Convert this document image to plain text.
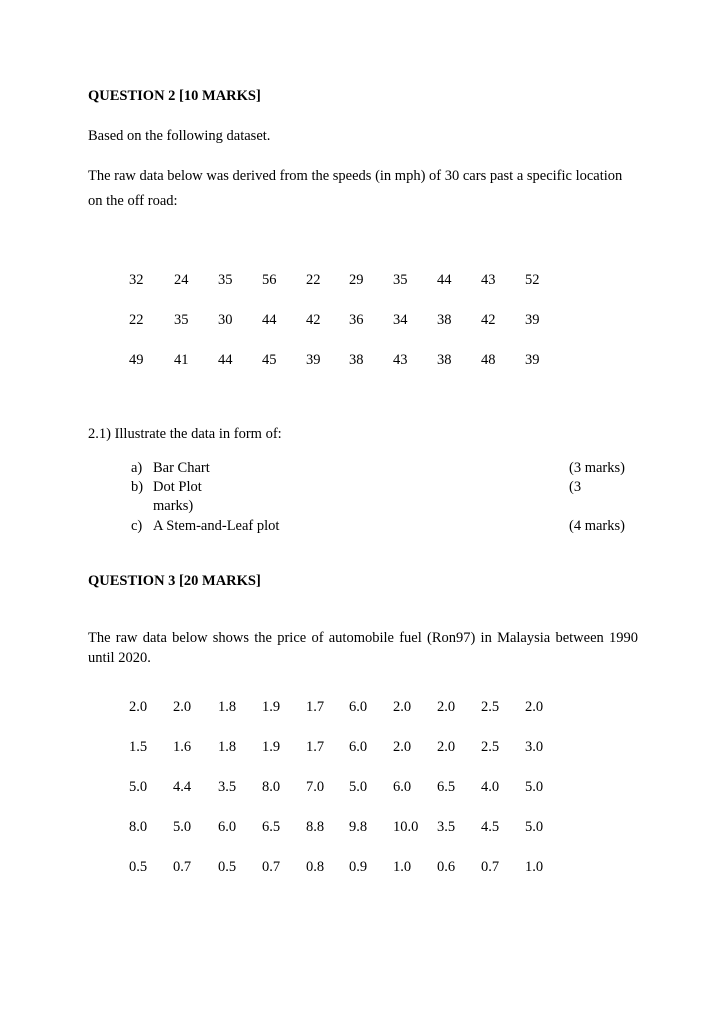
QUESTION 2 [10 MARKS]
Based on the following dataset.
The raw data below was derived from the speeds (in mph) of 30 cars past a specific location on the off road:
32 24 35 56 22 29 35 44 43 52
22 35 30 44 42 36 34 38 42 39
49 41 44 45 39 38 43 38 48 39
2.1) Illustrate the data in form of:
a) Bar Chart	(3 marks)
b) Dot Plot	(3
marks)
c) A Stem-and-Leaf plot	(4 marks)
QUESTION 3 [20 MARKS]
The raw data below shows the price of automobile fuel (Ron97) in Malaysia between 1990 until 2020.
2.0 2.0 1.8 1.9 1.7 6.0 2.0 2.0 2.5 2.0
1.5 1.6 1.8 1.9 1.7 6.0 2.0 2.0 2.5 3.0
5.0 4.4 3.5 8.0 7.0 5.0 6.0 6.5 4.0 5.0
8.0 5.0 6.0 6.5 8.8 9.8 10.0 3.5 4.5 5.0
0.5 0.7 0.5 0.7 0.8 0.9 1.0 0.6 0.7 1.0
